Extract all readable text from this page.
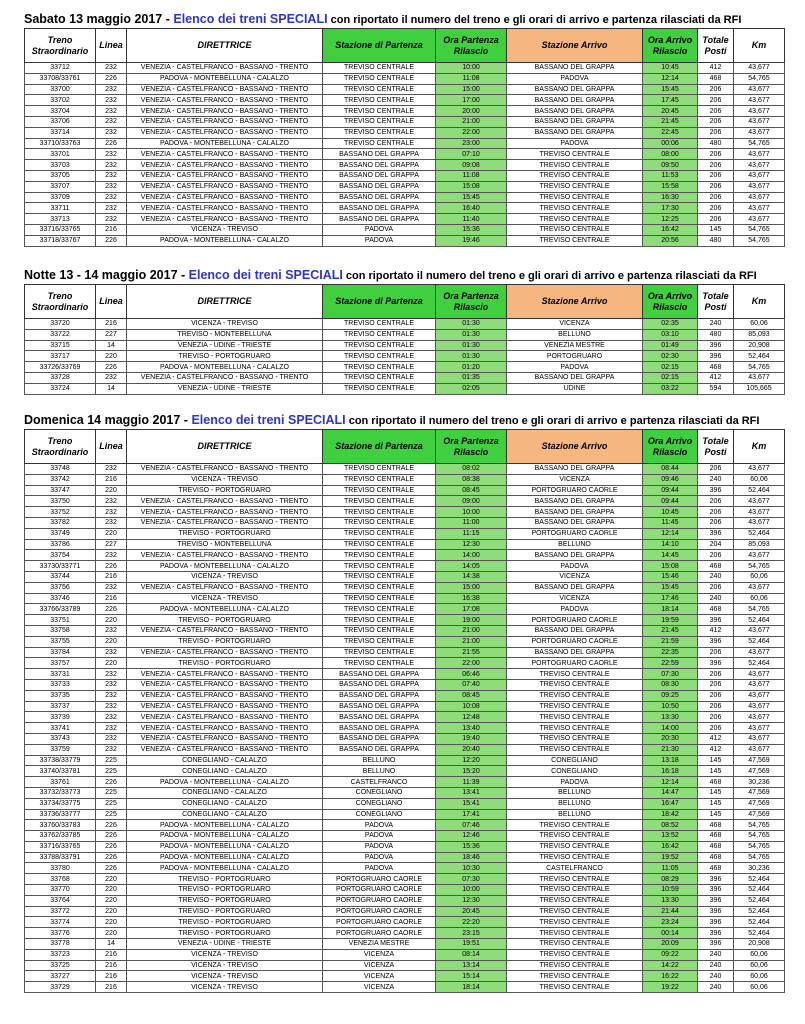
Sabato 13 maggio 2017 - Elenco dei treni SPECIALI con riportato il numero del treno e gli orari di arrivo e partenza rilasciati da RFI
Treno Straordinario	Linea	DIRETTRICE	Stazione di Partenza	Ora Partenza Rilascio	Stazione Arrivo	Ora Arrivo Rilascio	Totale Posti	Km
33712	232	VENEZIA - CASTELFRANCO - BASSANO - TRENTO	TREVISO CENTRALE	10:00	BASSANO DEL GRAPPA	10:45	412	43,677
33708/33761	226	PADOVA - MONTEBELLUNA - CALALZO	TREVISO CENTRALE	11:08	PADOVA	12:14	468	54,765
33700	232	VENEZIA - CASTELFRANCO - BASSANO - TRENTO	TREVISO CENTRALE	15:00	BASSANO DEL GRAPPA	15:45	206	43,677
33702	232	VENEZIA - CASTELFRANCO - BASSANO - TRENTO	TREVISO CENTRALE	17:00	BASSANO DEL GRAPPA	17:45	206	43,677
33704	232	VENEZIA - CASTELFRANCO - BASSANO - TRENTO	TREVISO CENTRALE	20:00	BASSANO DEL GRAPPA	20:45	206	43,677
33706	232	VENEZIA - CASTELFRANCO - BASSANO - TRENTO	TREVISO CENTRALE	21:00	BASSANO DEL GRAPPA	21:45	206	43,677
33714	232	VENEZIA - CASTELFRANCO - BASSANO - TRENTO	TREVISO CENTRALE	22:00	BASSANO DEL GRAPPA	22:45	206	43,677
33710/33763	226	PADOVA - MONTEBELLUNA - CALALZO	TREVISO CENTRALE	23:00	PADOVA	00:06	480	54,765
33701	232	VENEZIA - CASTELFRANCO - BASSANO - TRENTO	BASSANO DEL GRAPPA	07:10	TREVISO CENTRALE	08:00	206	43,677
33703	232	VENEZIA - CASTELFRANCO - BASSANO - TRENTO	BASSANO DEL GRAPPA	09:08	TREVISO CENTRALE	09:50	206	43,677
33705	232	VENEZIA - CASTELFRANCO - BASSANO - TRENTO	BASSANO DEL GRAPPA	11:08	TREVISO CENTRALE	11:53	206	43,677
33707	232	VENEZIA - CASTELFRANCO - BASSANO - TRENTO	BASSANO DEL GRAPPA	15:08	TREVISO CENTRALE	15:58	206	43,677
33709	232	VENEZIA - CASTELFRANCO - BASSANO - TRENTO	BASSANO DEL GRAPPA	15:45	TREVISO CENTRALE	16:30	206	43,677
33711	232	VENEZIA - CASTELFRANCO - BASSANO - TRENTO	BASSANO DEL GRAPPA	16:40	TREVISO CENTRALE	17:30	206	43,677
33713	232	VENEZIA - CASTELFRANCO - BASSANO - TRENTO	BASSANO DEL GRAPPA	11:40	TREVISO CENTRALE	12:25	206	43,677
33716/33765	216	VICENZA - TREVISO	PADOVA	15:36	TREVISO CENTRALE	16:42	145	54,765
33718/33767	226	PADOVA - MONTEBELLUNA - CALALZO	PADOVA	19:46	TREVISO CENTRALE	20:56	480	54,765
Notte 13 - 14 maggio 2017 - Elenco dei treni SPECIALI con riportato il numero del treno e gli orari di arrivo e partenza rilasciati da RFI
Treno Straordinario	Linea	DIRETTRICE	Stazione di Partenza	Ora Partenza Rilascio	Stazione Arrivo	Ora Arrivo Rilascio	Totale Posti	Km
33720	216	VICENZA - TREVISO	TREVISO CENTRALE	01:30	VICENZA	02:35	240	60,06
33722	227	TREVISO - MONTEBELLUNA	TREVISO CENTRALE	01:30	BELLUNO	03:10	480	85,093
33715	14	VENEZIA - UDINE - TRIESTE	TREVISO CENTRALE	01:30	VENEZIA MESTRE	01:49	396	20,908
33717	220	TREVISO - PORTOGRUARO	TREVISO CENTRALE	01:30	PORTOGRUARO	02:30	396	52,464
33726/33769	226	PADOVA - MONTEBELLUNA - CALALZO	TREVISO CENTRALE	01:20	PADOVA	02:15	468	54,765
33728	232	VENEZIA - CASTELFRANCO - BASSANO - TRENTO	TREVISO CENTRALE	01:35	BASSANO DEL GRAPPA	02:15	412	43,677
33724	14	VENEZIA - UDINE - TRIESTE	TREVISO CENTRALE	02:05	UDINE	03:22	594	105,665
Domenica 14 maggio 2017 - Elenco dei treni SPECIALI con riportato il numero del treno e gli orari di arrivo e partenza rilasciati da RFI
Treno Straordinario	Linea	DIRETTRICE	Stazione di Partenza	Ora Partenza Rilascio	Stazione Arrivo	Ora Arrivo Rilascio	Totale Posti	Km
33748	232	VENEZIA - CASTELFRANCO - BASSANO - TRENTO	TREVISO CENTRALE	08:02	BASSANO DEL GRAPPA	08:44	206	43,677
33742	216	VICENZA - TREVISO	TREVISO CENTRALE	08:38	VICENZA	09:46	240	60,06
33747	220	TREVISO - PORTOGRUARO	TREVISO CENTRALE	08:45	PORTOGRUARO CAORLE	09:44	396	52,464
33750	232	VENEZIA - CASTELFRANCO - BASSANO - TRENTO	TREVISO CENTRALE	09:00	BASSANO DEL GRAPPA	09:44	206	43,677
33752	232	VENEZIA - CASTELFRANCO - BASSANO - TRENTO	TREVISO CENTRALE	10:00	BASSANO DEL GRAPPA	10:45	206	43,677
33782	232	VENEZIA - CASTELFRANCO - BASSANO - TRENTO	TREVISO CENTRALE	11:00	BASSANO DEL GRAPPA	11:45	206	43,677
33749	220	TREVISO - PORTOGRUARO	TREVISO CENTRALE	11:15	PORTOGRUARO CAORLE	12:14	396	52,464
33786	227	TREVISO - MONTEBELLUNA	TREVISO CENTRALE	12:30	BELLUNO	14:10	204	85,093
33754	232	VENEZIA - CASTELFRANCO - BASSANO - TRENTO	TREVISO CENTRALE	14:00	BASSANO DEL GRAPPA	14:45	206	43,677
33730/33771	226	PADOVA - MONTEBELLUNA - CALALZO	TREVISO CENTRALE	14:05	PADOVA	15:08	468	54,765
33744	216	VICENZA - TREVISO	TREVISO CENTRALE	14:38	VICENZA	15:46	240	60,06
33756	232	VENEZIA - CASTELFRANCO - BASSANO - TRENTO	TREVISO CENTRALE	15:00	BASSANO DEL GRAPPA	15:45	206	43,677
33746	216	VICENZA - TREVISO	TREVISO CENTRALE	16:38	VICENZA	17:46	240	60,06
33766/33789	226	PADOVA - MONTEBELLUNA - CALALZO	TREVISO CENTRALE	17:08	PADOVA	18:14	468	54,765
33751	220	TREVISO - PORTOGRUARO	TREVISO CENTRALE	19:00	PORTOGRUARO CAORLE	19:59	396	52,464
33758	232	VENEZIA - CASTELFRANCO - BASSANO - TRENTO	TREVISO CENTRALE	21:00	BASSANO DEL GRAPPA	21:45	412	43,677
33755	220	TREVISO - PORTOGRUARO	TREVISO CENTRALE	21:00	PORTOGRUARO CAORLE	21:59	396	52,464
33784	232	VENEZIA - CASTELFRANCO - BASSANO - TRENTO	TREVISO CENTRALE	21:55	BASSANO DEL GRAPPA	22:35	206	43,677
33757	220	TREVISO - PORTOGRUARO	TREVISO CENTRALE	22:00	PORTOGRUARO CAORLE	22:59	396	52,464
33731	232	VENEZIA - CASTELFRANCO - BASSANO - TRENTO	BASSANO DEL GRAPPA	06:46	TREVISO CENTRALE	07:30	206	43,677
33733	232	VENEZIA - CASTELFRANCO - BASSANO - TRENTO	BASSANO DEL GRAPPA	07:40	TREVISO CENTRALE	08:30	206	43,677
33735	232	VENEZIA - CASTELFRANCO - BASSANO - TRENTO	BASSANO DEL GRAPPA	08:45	TREVISO CENTRALE	09:25	206	43,677
33737	232	VENEZIA - CASTELFRANCO - BASSANO - TRENTO	BASSANO DEL GRAPPA	10:08	TREVISO CENTRALE	10:50	206	43,677
33739	232	VENEZIA - CASTELFRANCO - BASSANO - TRENTO	BASSANO DEL GRAPPA	12:48	TREVISO CENTRALE	13:30	206	43,677
33741	232	VENEZIA - CASTELFRANCO - BASSANO - TRENTO	BASSANO DEL GRAPPA	13:40	TREVISO CENTRALE	14:00	206	43,677
33743	232	VENEZIA - CASTELFRANCO - BASSANO - TRENTO	BASSANO DEL GRAPPA	19:40	TREVISO CENTRALE	20:30	412	43,677
33759	232	VENEZIA - CASTELFRANCO - BASSANO - TRENTO	BASSANO DEL GRAPPA	20:40	TREVISO CENTRALE	21:30	412	43,677
33738/33779	225	CONEGLIANO - CALALZO	BELLUNO	12:20	CONEGLIANO	13:18	145	47,569
33740/33781	225	CONEGLIANO - CALALZO	BELLUNO	15:20	CONEGLIANO	16:18	145	47,569
33761	226	PADOVA - MONTEBELLUNA - CALALZO	CASTELFRANCO	11:39	PADOVA	12:14	468	30,236
33732/33773	225	CONEGLIANO - CALALZO	CONEGLIANO	13:41	BELLUNO	14:47	145	47,569
33734/33775	225	CONEGLIANO - CALALZO	CONEGLIANO	15:41	BELLUNO	16:47	145	47,569
33736/33777	225	CONEGLIANO - CALALZO	CONEGLIANO	17:41	BELLUNO	18:42	145	47,569
33760/33783	226	PADOVA - MONTEBELLUNA - CALALZO	PADOVA	07:46	TREVISO CENTRALE	08:52	468	54,765
33762/33785	226	PADOVA - MONTEBELLUNA - CALALZO	PADOVA	12:46	TREVISO CENTRALE	13:52	468	54,765
33716/33765	226	PADOVA - MONTEBELLUNA - CALALZO	PADOVA	15:36	TREVISO CENTRALE	16:42	468	54,765
33788/33791	226	PADOVA - MONTEBELLUNA - CALALZO	PADOVA	18:46	TREVISO CENTRALE	19:52	468	54,765
33780	226	PADOVA - MONTEBELLUNA - CALALZO	PADOVA	10:30	CASTELFRANCO	11:05	468	30,236
33768	220	TREVISO - PORTOGRUARO	PORTOGRUARO CAORLE	07:30	TREVISO CENTRALE	08:29	396	52,464
33770	220	TREVISO - PORTOGRUARO	PORTOGRUARO CAORLE	10:00	TREVISO CENTRALE	10:59	396	52,464
33764	220	TREVISO - PORTOGRUARO	PORTOGRUARO CAORLE	12:30	TREVISO CENTRALE	13:30	396	52,464
33772	220	TREVISO - PORTOGRUARO	PORTOGRUARO CAORLE	20:45	TREVISO CENTRALE	21:44	396	52,464
33774	220	TREVISO - PORTOGRUARO	PORTOGRUARO CAORLE	22:20	TREVISO CENTRALE	23:24	396	52,464
33776	220	TREVISO - PORTOGRUARO	PORTOGRUARO CAORLE	23:15	TREVISO CENTRALE	00:14	396	52,464
33778	14	VENEZIA - UDINE - TRIESTE	VENEZIA MESTRE	19:51	TREVISO CENTRALE	20:09	396	20,908
33723	216	VICENZA - TREVISO	VICENZA	08:14	TREVISO CENTRALE	09:22	240	60,06
33725	216	VICENZA - TREVISO	VICENZA	13:14	TREVISO CENTRALE	14:22	240	60,06
33727	216	VICENZA - TREVISO	VICENZA	15:14	TREVISO CENTRALE	16:22	240	60,06
33729	216	VICENZA - TREVISO	VICENZA	18:14	TREVISO CENTRALE	19:22	240	60,06
